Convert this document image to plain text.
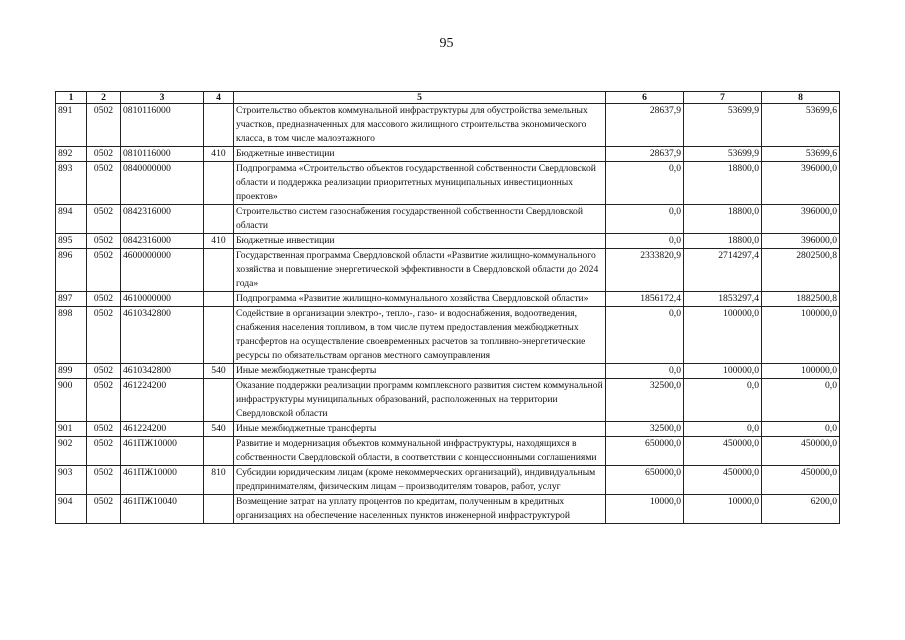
95
1	2	3	4	5	6	7	8
891	0502	0810116000		Строительство объектов коммунальной инфраструктуры для обустройства земельных участков, предназначенных для массового жилищного строительства экономического класса, в том числе малоэтажного	28637,9	53699,9	53699,6
892	0502	0810116000	410	Бюджетные инвестиции	28637,9	53699,9	53699,6
893	0502	0840000000		Подпрограмма «Строительство объектов государственной собственности Свердловской области и поддержка реализации приоритетных муниципальных инвестиционных проектов»	0,0	18800,0	396000,0
894	0502	0842316000		Строительство систем газоснабжения государственной собственности Свердловской области	0,0	18800,0	396000,0
895	0502	0842316000	410	Бюджетные инвестиции	0,0	18800,0	396000,0
896	0502	4600000000		Государственная программа Свердловской области «Развитие жилищно-коммунального хозяйства и повышение энергетической эффективности в Свердловской области до 2024 года»	2333820,9	2714297,4	2802500,8
897	0502	4610000000		Подпрограмма «Развитие жилищно-коммунального хозяйства Свердловской области»	1856172,4	1853297,4	1882500,8
898	0502	4610342800		Содействие в организации электро-, тепло-, газо- и водоснабжения, водоотведения, снабжения населения топливом, в том числе путем предоставления межбюджетных трансфертов на осуществление своевременных расчетов за топливно-энергетические ресурсы по обязательствам органов местного самоуправления	0,0	100000,0	100000,0
899	0502	4610342800	540	Иные межбюджетные трансферты	0,0	100000,0	100000,0
900	0502	461224200		Оказание поддержки реализации программ комплексного развития систем коммунальной инфраструктуры муниципальных образований, расположенных на территории Свердловской области	32500,0	0,0	0,0
901	0502	461224200	540	Иные межбюджетные трансферты	32500,0	0,0	0,0
902	0502	461ПЖ10000		Развитие и модернизация объектов коммунальной инфраструктуры, находящихся в собственности Свердловской области, в соответствии с концессионными соглашениями	650000,0	450000,0	450000,0
903	0502	461ПЖ10000	810	Субсидии юридическим лицам (кроме некоммерческих организаций), индивидуальным предпринимателям, физическим лицам – производителям товаров, работ, услуг	650000,0	450000,0	450000,0
904	0502	461ПЖ10040		Возмещение затрат на уплату процентов по кредитам, полученным в кредитных организациях на обеспечение населенных пунктов инженерной инфраструктурой	10000,0	10000,0	6200,0
